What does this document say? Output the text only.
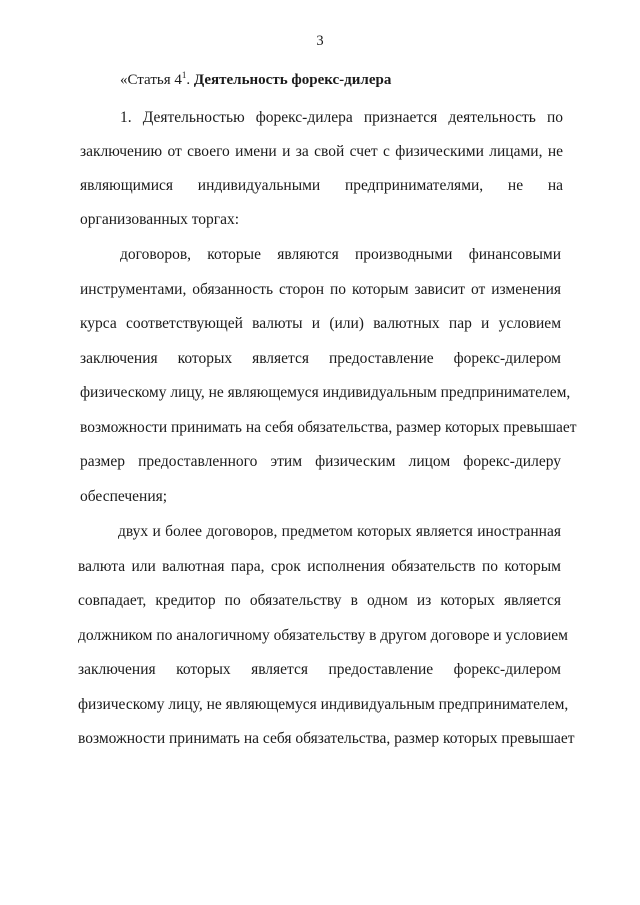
3
«Статья $4^1$. Деятельность форекс-дилера
1. Деятельностью форекс-дилера признается деятельность по
заключению от своего имени и за свой счет с физическими лицами, не
являющимися индивидуальными предпринимателями, не на
организованных торгах:
договоров, которые являются производными финансовыми
инструментами, обязанность сторон по которым зависит от изменения
курса соответствующей валюты и (или) валютных пар и условием
заключения которых является предоставление форекс-дилером
физическому лицу, не являющемуся индивидуальным предпринимателем,
возможности принимать на себя обязательства, размер которых превышает
размер предоставленного этим физическим лицом форекс-дилеру
обеспечения;
двух и более договоров, предметом которых является иностранная
валюта или валютная пара, срок исполнения обязательств по которым
совпадает, кредитор по обязательству в одном из которых является
должником по аналогичному обязательству в другом договоре и условием
заключения которых является предоставление форекс-дилером
физическому лицу, не являющемуся индивидуальным предпринимателем,
возможности принимать на себя обязательства, размер которых превышает
